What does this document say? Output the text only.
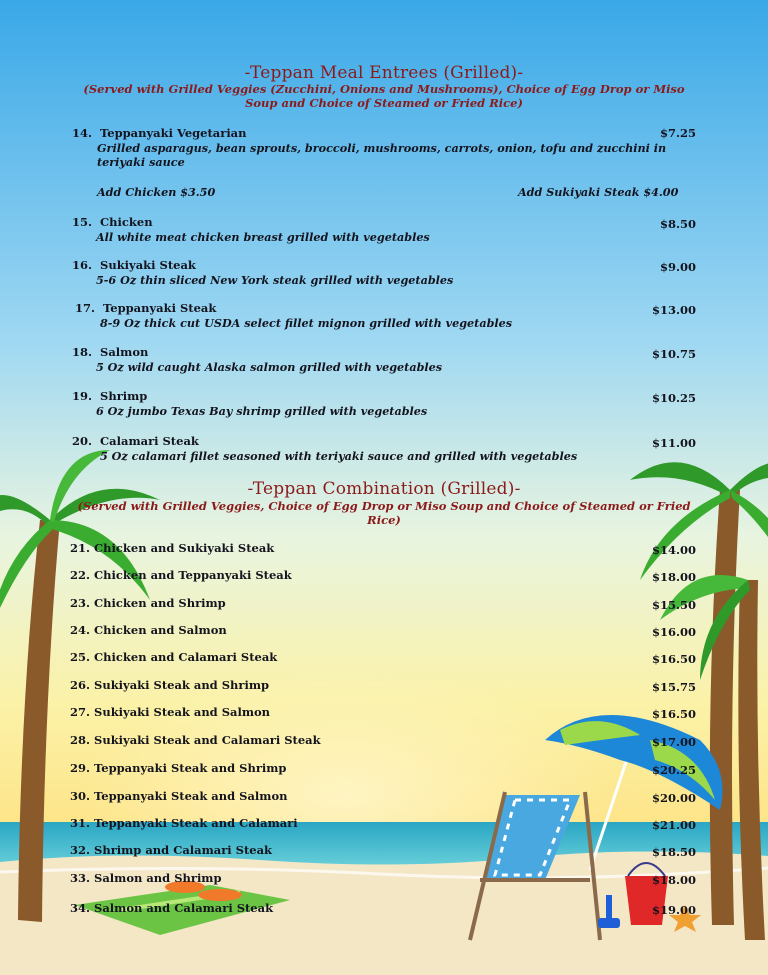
-Teppan Meal Entrees (Grilled)-
(Served with Grilled Veggies (Zucchini, Onions and Mushrooms), Choice of Egg Drop or Miso Soup and Choice of Steamed or Fried Rice)
14. Teppanyaki Vegetarian	$7.25
Grilled asparagus, bean sprouts, broccoli, mushrooms, carrots, onion, tofu and zucchini in teriyaki sauce
Add Chicken $3.50	Add Sukiyaki Steak $4.00
15. Chicken	$8.50
All white meat chicken breast grilled with vegetables
16. Sukiyaki Steak	$9.00
5-6 Oz thin sliced New York steak grilled with vegetables
17. Teppanyaki Steak	$13.00
8-9 Oz thick cut USDA select fillet mignon grilled with vegetables
18. Salmon	$10.75
5 Oz wild caught Alaska salmon grilled with vegetables
19. Shrimp	$10.25
6 Oz jumbo Texas Bay shrimp grilled with vegetables
20. Calamari Steak	$11.00
5 Oz calamari fillet seasoned with teriyaki sauce and grilled with vegetables
-Teppan Combination (Grilled)-
(Served with Grilled Veggies, Choice of Egg Drop or Miso Soup and Choice of Steamed or Fried Rice)
21. Chicken and Sukiyaki Steak	$14.00
22. Chicken and Teppanyaki Steak	$18.00
23. Chicken and Shrimp	$15.50
24. Chicken and Salmon	$16.00
25. Chicken and Calamari Steak	$16.50
26. Sukiyaki Steak and Shrimp	$15.75
27. Sukiyaki Steak and Salmon	$16.50
28. Sukiyaki Steak and Calamari Steak	$17.00
29. Teppanyaki Steak and Shrimp	$20.25
30. Teppanyaki Steak and Salmon	$20.00
31. Teppanyaki Steak and Calamari	$21.00
32. Shrimp and Calamari Steak	$18.50
33. Salmon and Shrimp	$18.00
34. Salmon and Calamari Steak	$19.00
